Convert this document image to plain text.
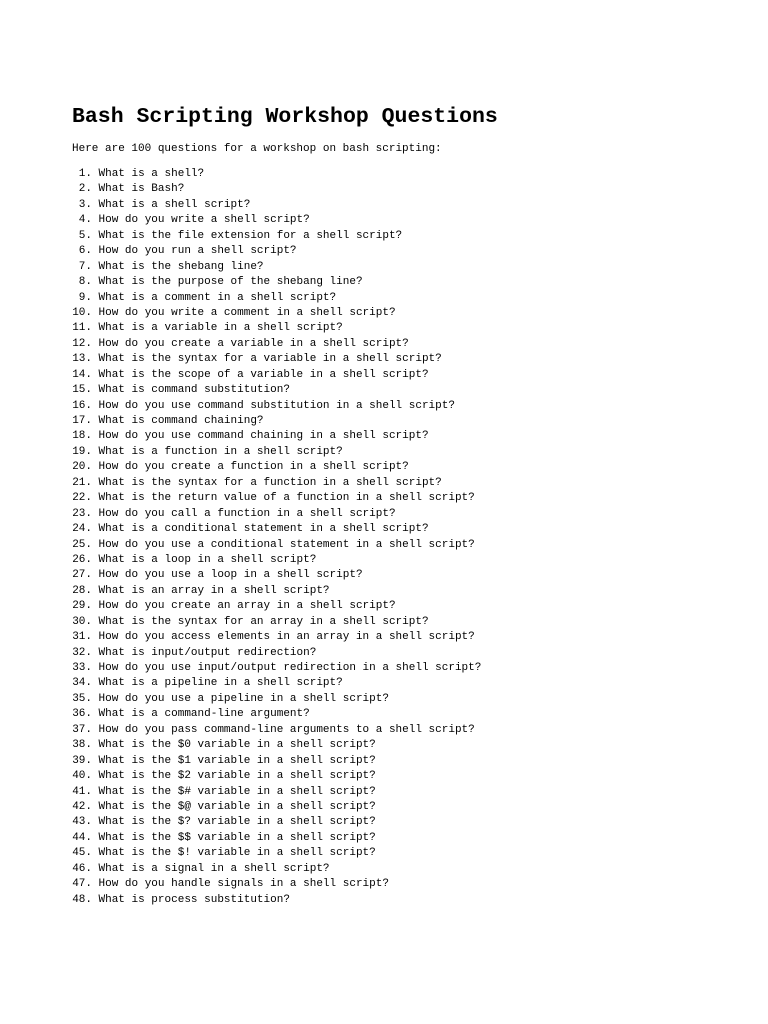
Bash Scripting Workshop Questions

Here are 100 questions for a workshop on bash scripting:

1. What is a shell?
2. What is Bash?
3. What is a shell script?
4. How do you write a shell script?
5. What is the file extension for a shell script?
6. How do you run a shell script?
7. What is the shebang line?
8. What is the purpose of the shebang line?
9. What is a comment in a shell script?
10. How do you write a comment in a shell script?
11. What is a variable in a shell script?
12. How do you create a variable in a shell script?
13. What is the syntax for a variable in a shell script?
14. What is the scope of a variable in a shell script?
15. What is command substitution?
16. How do you use command substitution in a shell script?
17. What is command chaining?
18. How do you use command chaining in a shell script?
19. What is a function in a shell script?
20. How do you create a function in a shell script?
21. What is the syntax for a function in a shell script?
22. What is the return value of a function in a shell script?
23. How do you call a function in a shell script?
24. What is a conditional statement in a shell script?
25. How do you use a conditional statement in a shell script?
26. What is a loop in a shell script?
27. How do you use a loop in a shell script?
28. What is an array in a shell script?
29. How do you create an array in a shell script?
30. What is the syntax for an array in a shell script?
31. How do you access elements in an array in a shell script?
32. What is input/output redirection?
33. How do you use input/output redirection in a shell script?
34. What is a pipeline in a shell script?
35. How do you use a pipeline in a shell script?
36. What is a command-line argument?
37. How do you pass command-line arguments to a shell script?
38. What is the $0 variable in a shell script?
39. What is the $1 variable in a shell script?
40. What is the $2 variable in a shell script?
41. What is the $# variable in a shell script?
42. What is the $@ variable in a shell script?
43. What is the $? variable in a shell script?
44. What is the $$ variable in a shell script?
45. What is the $! variable in a shell script?
46. What is a signal in a shell script?
47. How do you handle signals in a shell script?
48. What is process substitution?
